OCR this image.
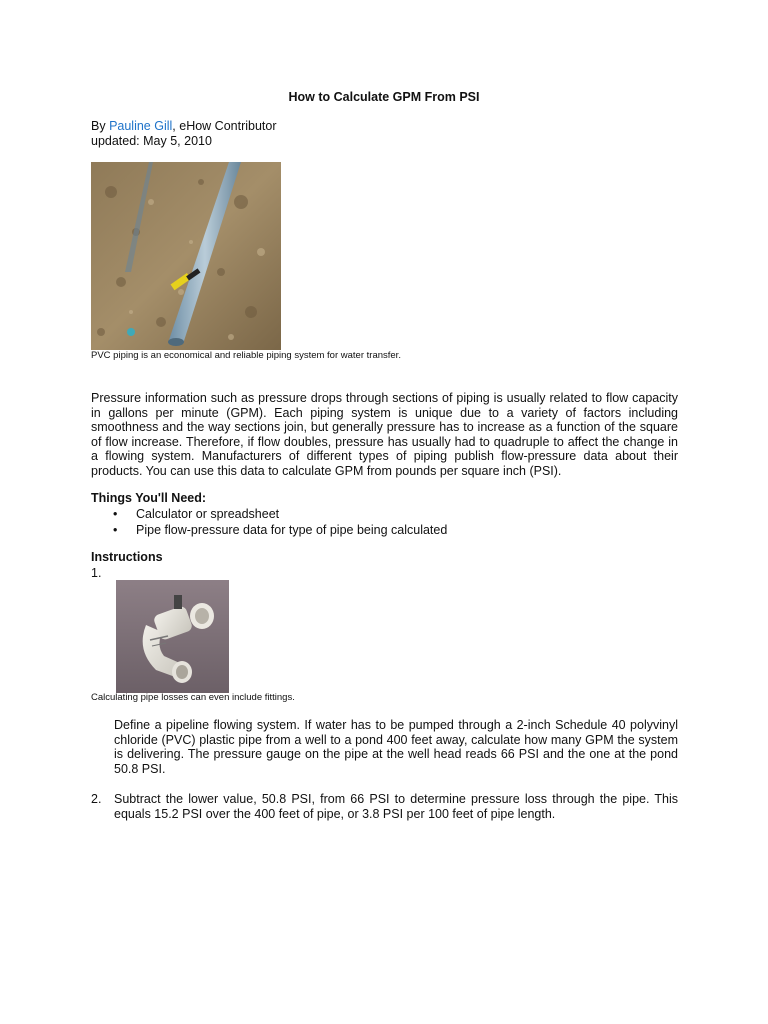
How to Calculate GPM From PSI
By Pauline Gill, eHow Contributor
updated: May 5, 2010
PVC piping is an economical and reliable piping system for water transfer.

Pressure information such as pressure drops through sections of piping is usually related to flow capacity in gallons per minute (GPM). Each piping system is unique due to a variety of factors including smoothness and the way sections join, but generally pressure has to increase as a function of the square of flow increase. Therefore, if flow doubles, pressure has usually had to quadruple to affect the change in a flowing system. Manufacturers of different types of piping publish flow-pressure data about their products. You can use this data to calculate GPM from pounds per square inch (PSI).

Things You'll Need:
• Calculator or spreadsheet
• Pipe flow-pressure data for type of pipe being calculated
Instructions
1.
Calculating pipe losses can even include fittings.

Define a pipeline flowing system. If water has to be pumped through a 2-inch Schedule 40 polyvinyl chloride (PVC) plastic pipe from a well to a pond 400 feet away, calculate how many GPM the system is delivering. The pressure gauge on the pipe at the well head reads 66 PSI and the one at the pond 50.8 PSI.

2. Subtract the lower value, 50.8 PSI, from 66 PSI to determine pressure loss through the pipe. This equals 15.2 PSI over the 400 feet of pipe, or 3.8 PSI per 100 feet of pipe length.
